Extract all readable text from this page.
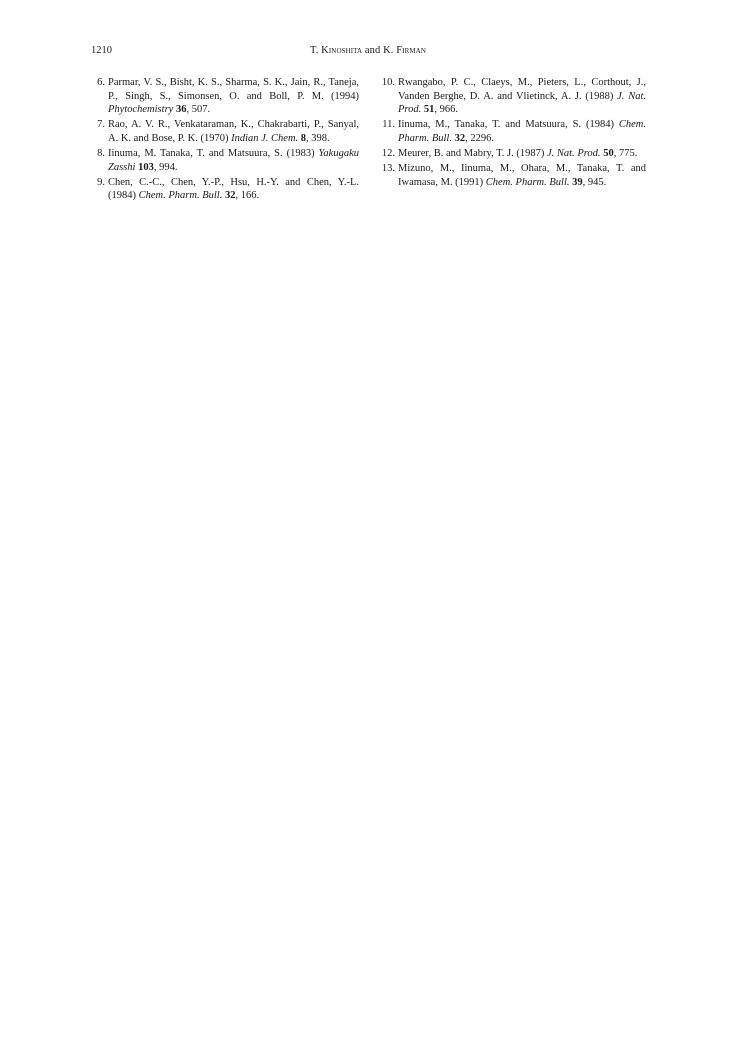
1210	T. Kinoshita and K. Firman
6. Parmar, V. S., Bisht, K. S., Sharma, S. K., Jain, R., Taneja, P., Singh, S., Simonsen, O. and Boll, P. M. (1994) Phytochemistry 36, 507.
7. Rao, A. V. R., Venkataraman, K., Chakrabarti, P., Sanyal, A. K. and Bose, P. K. (1970) Indian J. Chem. 8, 398.
8. Iinuma, M. Tanaka, T. and Matsuura, S. (1983) Yakugaku Zasshi 103, 994.
9. Chen, C.-C., Chen, Y.-P., Hsu, H.-Y. and Chen, Y.-L. (1984) Chem. Pharm. Bull. 32, 166.
10. Rwangabo, P. C., Claeys, M., Pieters, L., Corthout, J., Vanden Berghe, D. A. and Vlietinck, A. J. (1988) J. Nat. Prod. 51, 966.
11. Iinuma, M., Tanaka, T. and Matsuura, S. (1984) Chem. Pharm. Bull. 32, 2296.
12. Meurer, B. and Mabry, T. J. (1987) J. Nat. Prod. 50, 775.
13. Mizuno, M., Iinuma, M., Ohara, M., Tanaka, T. and Iwamasa, M. (1991) Chem. Pharm. Bull. 39, 945.
